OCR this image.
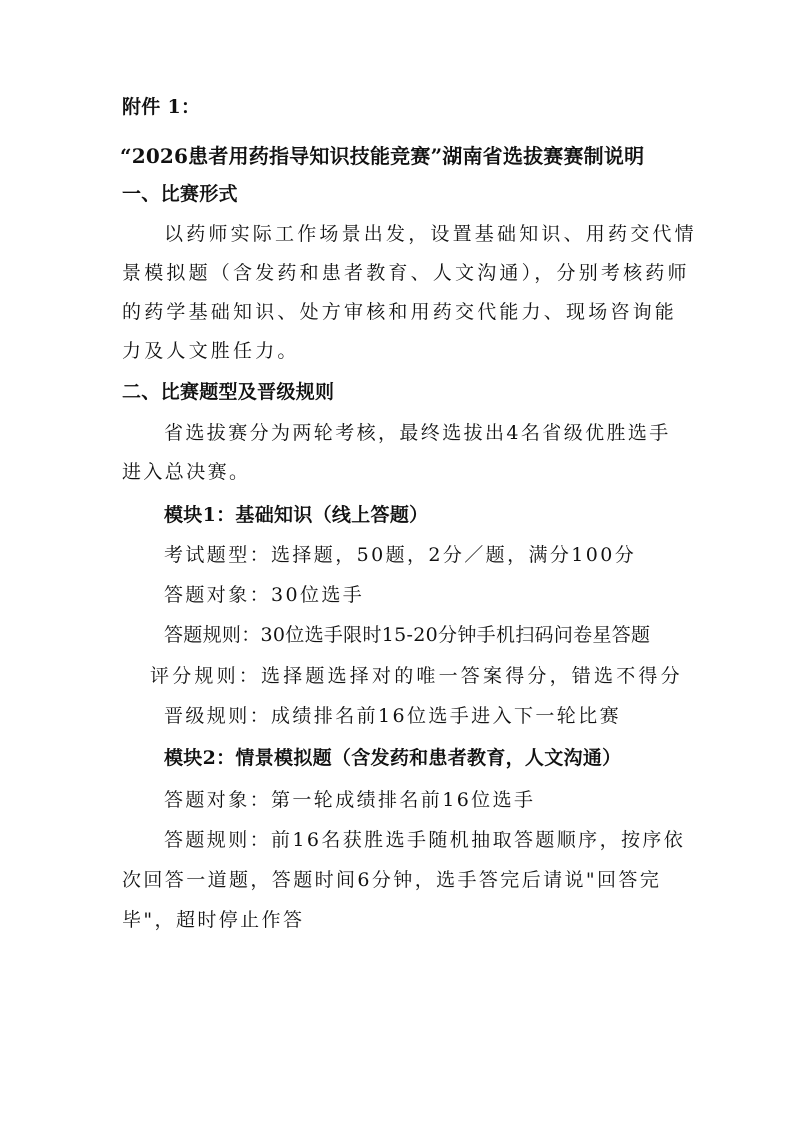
附件 1：
“2026患者用药指导知识技能竞赛”湖南省选拔赛赛制说明
一、比赛形式
以药师实际工作场景出发，设置基础知识、用药交代情
景模拟题（含发药和患者教育、人文沟通），分别考核药师
的药学基础知识、处方审核和用药交代能力、现场咨询能
力及人文胜任力。
二、比赛题型及晋级规则
省选拔赛分为两轮考核，最终选拔出4名省级优胜选手
进入总决赛。
模块1：基础知识（线上答题）
考试题型：选择题，50题，2分／题，满分100分
答题对象：30位选手
答题规则：30位选手限时15-20分钟手机扫码问卷星答题
评分规则：选择题选择对的唯一答案得分，错选不得分
晋级规则：成绩排名前16位选手进入下一轮比赛
模块2：情景模拟题（含发药和患者教育，人文沟通）
答题对象：第一轮成绩排名前16位选手
答题规则：前16名获胜选手随机抽取答题顺序，按序依
次回答一道题，答题时间6分钟，选手答完后请说"回答完
毕"，超时停止作答
